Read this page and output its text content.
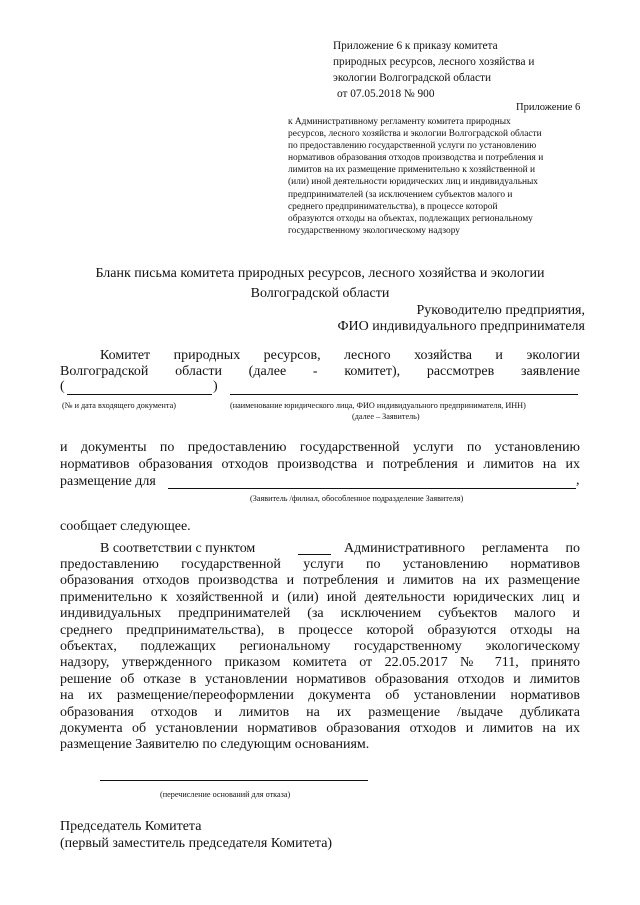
Приложение 6 к приказу комитета
природных ресурсов, лесного хозяйства и
экологии Волгоградской области
от 07.05.2018 № 900
Приложение 6
к Административному регламенту комитета природных
ресурсов, лесного хозяйства и экологии Волгоградской области
по предоставлению государственной услуги по установлению
нормативов образования отходов производства и потребления и
лимитов на их размещение применительно к хозяйственной и
(или) иной деятельности юридических лиц и индивидуальных
предпринимателей (за исключением субъектов малого и
среднего предпринимательства), в процессе которой
образуются отходы на объектах, подлежащих региональному
государственному экологическому надзору
Бланк письма комитета природных ресурсов, лесного хозяйства и экологии
Волгоградской области
Руководителю предприятия,
ФИО индивидуального предпринимателя
Комитет природных ресурсов, лесного хозяйства и экологии
Волгоградской области (далее - комитет), рассмотрев заявление
(	)
(№ и дата входящего документа)	(наименование юридического лица, ФИО индивидуального предпринимателя, ИНН)
(далее – Заявитель)
и документы по предоставлению государственной услуги по установлению
нормативов образования отходов производства и потребления и лимитов на их
размещение для	,
(Заявитель /филиал, обособленное подразделение Заявителя)
сообщает следующее.
В соответствии с пунктом	Административного регламента по
предоставлению государственной услуги по установлению нормативов
образования отходов производства и потребления и лимитов на их размещение
применительно к хозяйственной и (или) иной деятельности юридических лиц и
индивидуальных предпринимателей (за исключением субъектов малого и
среднего предпринимательства), в процессе которой образуются отходы на
объектах, подлежащих региональному государственному экологическому
надзору, утвержденного приказом комитета от 22.05.2017 № 711, принято
решение об отказе в установлении нормативов образования отходов и лимитов
на их размещение/переоформлении документа об установлении нормативов
образования отходов и лимитов на их размещение /выдаче дубликата
документа об установлении нормативов образования отходов и лимитов на их
размещение Заявителю по следующим основаниям.
(перечисление оснований для отказа)
Председатель Комитета
(первый заместитель председателя Комитета)
